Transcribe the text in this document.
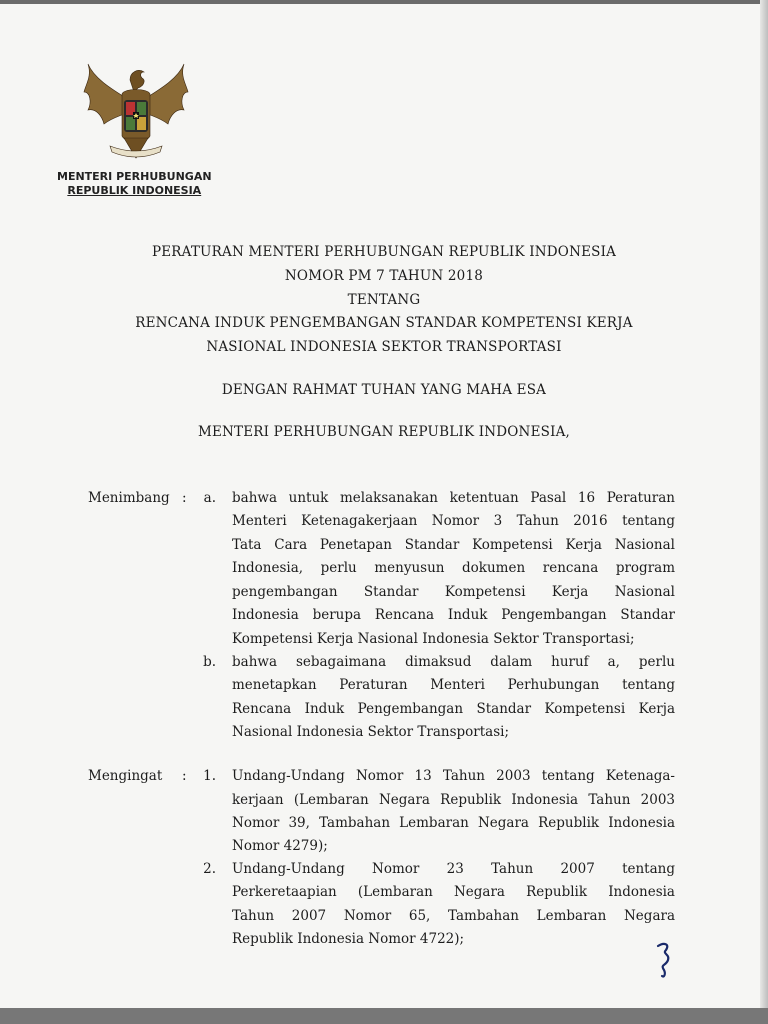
MENTERI PERHUBUNGAN
REPUBLIK INDONESIA
PERATURAN MENTERI PERHUBUNGAN REPUBLIK INDONESIA
NOMOR PM 7 TAHUN 2018
TENTANG
RENCANA INDUK PENGEMBANGAN STANDAR KOMPETENSI KERJA
NASIONAL INDONESIA SEKTOR TRANSPORTASI
DENGAN RAHMAT TUHAN YANG MAHA ESA
MENTERI PERHUBUNGAN REPUBLIK INDONESIA,
Menimbang :	a. bahwa untuk melaksanakan ketentuan Pasal 16 Peraturan
Menteri Ketenagakerjaan Nomor 3 Tahun 2016 tentang
Tata Cara Penetapan Standar Kompetensi Kerja Nasional
Indonesia, perlu menyusun dokumen rencana program
pengembangan Standar Kompetensi Kerja Nasional
Indonesia berupa Rencana Induk Pengembangan Standar
Kompetensi Kerja Nasional Indonesia Sektor Transportasi;
b. bahwa sebagaimana dimaksud dalam huruf a, perlu
menetapkan Peraturan Menteri Perhubungan tentang
Rencana Induk Pengembangan Standar Kompetensi Kerja
Nasional Indonesia Sektor Transportasi;
Mengingat :	1. Undang-Undang Nomor 13 Tahun 2003 tentang Ketenaga-
kerjaan (Lembaran Negara Republik Indonesia Tahun 2003
Nomor 39, Tambahan Lembaran Negara Republik Indonesia
Nomor 4279);
2. Undang-Undang Nomor 23 Tahun 2007 tentang
Perkeretaapian (Lembaran Negara Republik Indonesia
Tahun 2007 Nomor 65, Tambahan Lembaran Negara
Republik Indonesia Nomor 4722);
